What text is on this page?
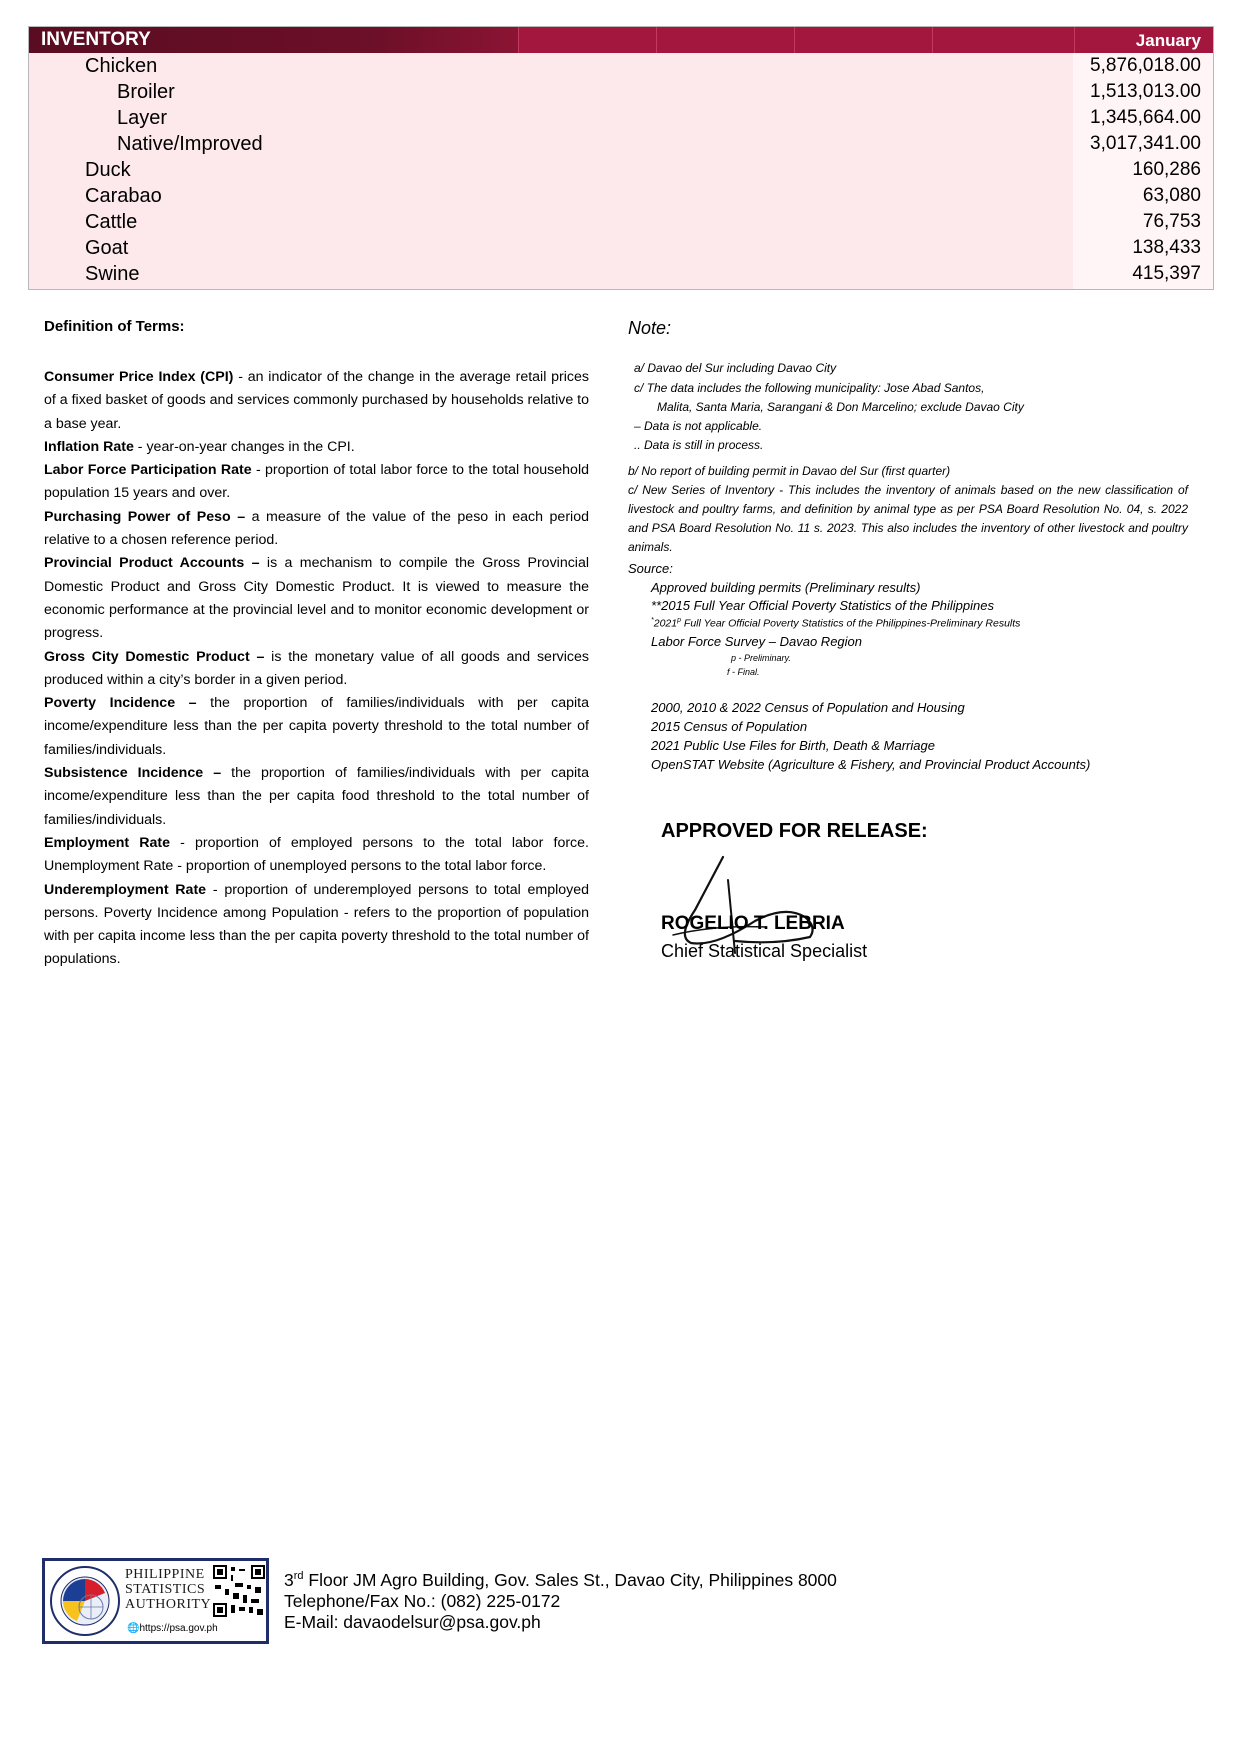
INVENTORY	January
Chicken	5,876,018.00
Broiler	1,513,013.00
Layer	1,345,664.00
Native/Improved	3,017,341.00
Duck	160,286
Carabao	63,080
Cattle	76,753
Goat	138,433
Swine	415,397
Definition of Terms:

Consumer Price Index (CPI) - an indicator of the change in the average retail prices of a fixed basket of goods and services commonly purchased by households relative to a base year.

Inflation Rate - year-on-year changes in the CPI.

Labor Force Participation Rate - proportion of total labor force to the total household population 15 years and over.

Purchasing Power of Peso – a measure of the value of the peso in each period relative to a chosen reference period.

Provincial Product Accounts – is a mechanism to compile the Gross Provincial Domestic Product and Gross City Domestic Product. It is viewed to measure the economic performance at the provincial level and to monitor economic development or progress.

Gross City Domestic Product – is the monetary value of all goods and services produced within a city’s border in a given period.

Poverty Incidence – the proportion of families/individuals with per capita income/expenditure less than the per capita poverty threshold to the total number of families/individuals.

Subsistence Incidence – the proportion of families/individuals with per capita income/expenditure less than the per capita food threshold to the total number of families/individuals.

Employment Rate - proportion of employed persons to the total labor force. Unemployment Rate - proportion of unemployed persons to the total labor force.

Underemployment Rate - proportion of underemployed persons to total employed persons. Poverty Incidence among Population - refers to the proportion of population with per capita income less than the per capita poverty threshold to the total number of populations.

Note:
a/ Davao del Sur including Davao City
c/ The data includes the following municipality: Jose Abad Santos,
Malita, Santa Maria, Sarangani & Don Marcelino; exclude Davao City
– Data is not applicable.
.. Data is still in process.
b/ No report of building permit in Davao del Sur (first quarter)
c/ New Series of Inventory - This includes the inventory of animals based on the new classification of livestock and poultry farms, and definition by animal type as per PSA Board Resolution No. 04, s. 2022 and PSA Board Resolution No. 11 s. 2023. This also includes the inventory of other livestock and poultry animals.
Source:
Approved building permits (Preliminary results)
**2015 Full Year Official Poverty Statistics of the Philippines
*2021$^p$ Full Year Official Poverty Statistics of the Philippines-Preliminary Results
Labor Force Survey – Davao Region
p - Preliminary.
f - Final.
2000, 2010 & 2022 Census of Population and Housing
2015 Census of Population
2021 Public Use Files for Birth, Death & Marriage
OpenSTAT Website (Agriculture & Fishery, and Provincial Product Accounts)
APPROVED FOR RELEASE:
ROGELIO T. LEBRIA
Chief Statistical Specialist
PHILIPPINE
STATISTICS
AUTHORITY
🌐https://psa.gov.ph
3rd Floor JM Agro Building, Gov. Sales St., Davao City, Philippines 8000
Telephone/Fax No.: (082) 225-0172
E-Mail: davaodelsur@psa.gov.ph
